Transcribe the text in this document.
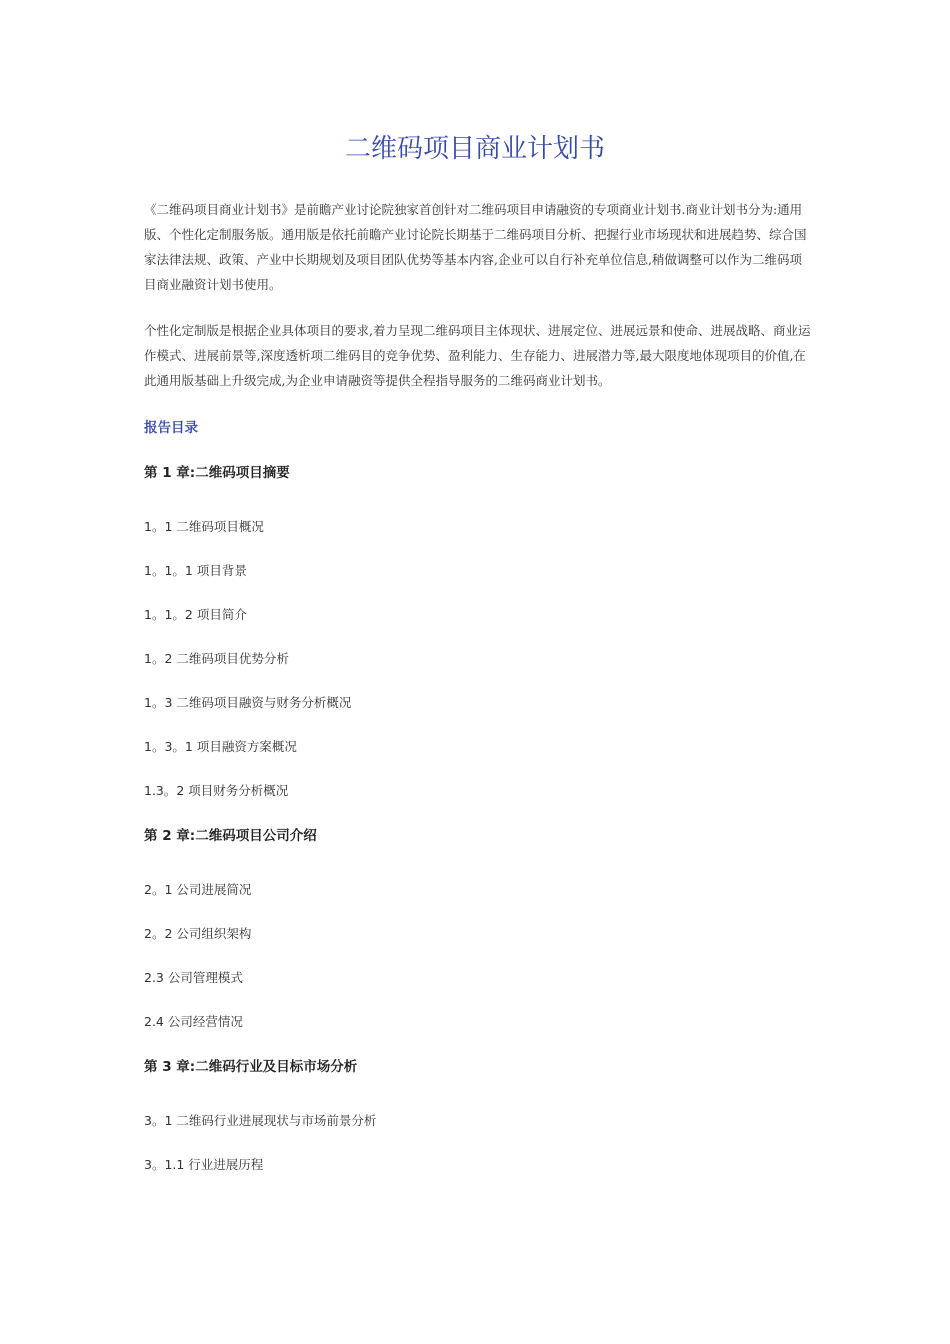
二维码项目商业计划书

《二维码项目商业计划书》是前瞻产业讨论院独家首创针对二维码项目申请融资的专项商业计划书.商业计划书分为:通用版、个性化定制服务版。通用版是依托前瞻产业讨论院长期基于二维码项目分析、把握行业市场现状和进展趋势、综合国家法律法规、政策、产业中长期规划及项目团队优势等基本内容,企业可以自行补充单位信息,稍做调整可以作为二维码项目商业融资计划书使用。

个性化定制版是根据企业具体项目的要求,着力呈现二维码项目主体现状、进展定位、进展远景和使命、进展战略、商业运作模式、进展前景等,深度透析项二维码目的竞争优势、盈利能力、生存能力、进展潜力等,最大限度地体现项目的价值,在此通用版基础上升级完成,为企业申请融资等提供全程指导服务的二维码商业计划书。

报告目录
第 1 章:二维码项目摘要
1。1 二维码项目概况
1。1。1 项目背景
1。1。2 项目简介
1。2 二维码项目优势分析
1。3 二维码项目融资与财务分析概况
1。3。1 项目融资方案概况
1.3。2 项目财务分析概况
第 2 章:二维码项目公司介绍
2。1 公司进展简况
2。2 公司组织架构
2.3 公司管理模式
2.4 公司经营情况
第 3 章:二维码行业及目标市场分析
3。1 二维码行业进展现状与市场前景分析
3。1.1 行业进展历程
